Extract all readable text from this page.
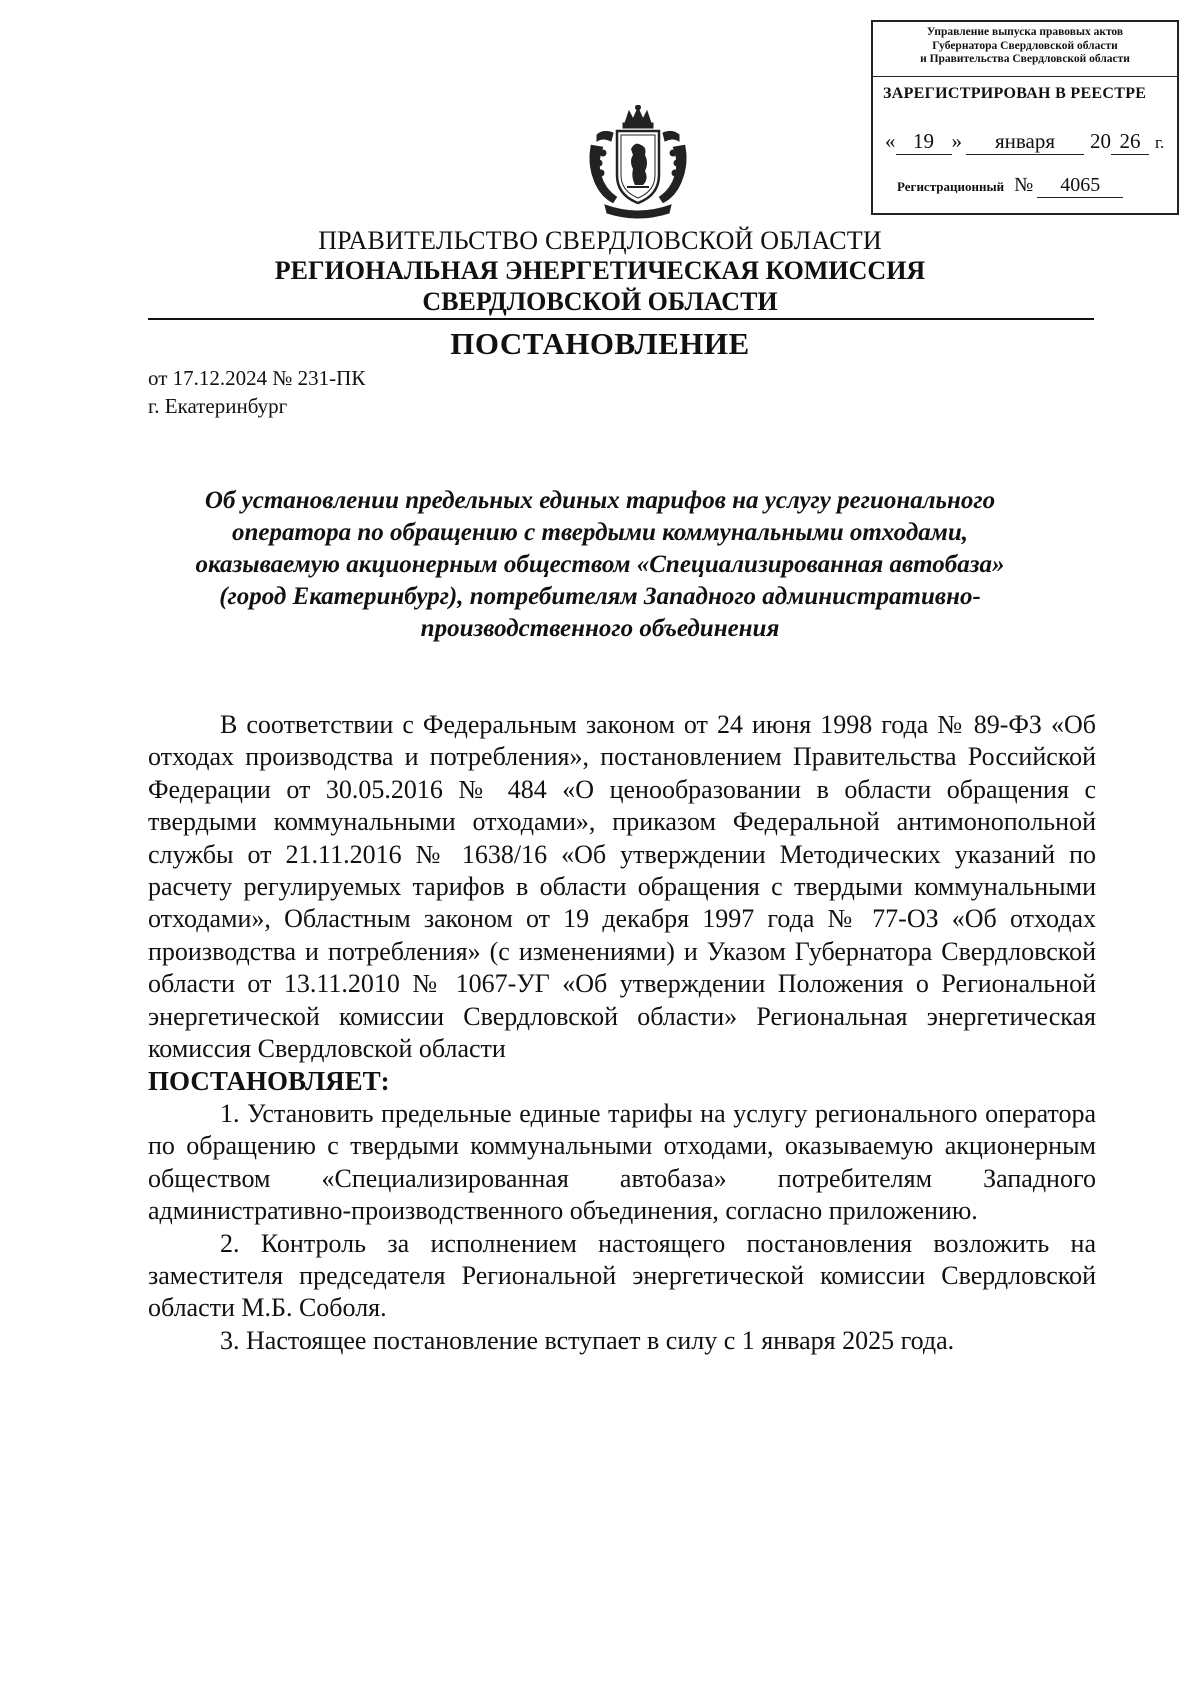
Управление выпуска правовых актов
Губернатора Свердловской области
и Правительства Свердловской области
ЗАРЕГИСТРИРОВАН В РЕЕСТРЕ
« 19 » января 20 26 г.
Регистрационный № 4065
ПРАВИТЕЛЬСТВО СВЕРДЛОВСКОЙ ОБЛАСТИ
РЕГИОНАЛЬНАЯ ЭНЕРГЕТИЧЕСКАЯ КОМИССИЯ
СВЕРДЛОВСКОЙ ОБЛАСТИ
ПОСТАНОВЛЕНИЕ
от 17.12.2024 № 231-ПК
г. Екатеринбург
Об установлении предельных единых тарифов на услугу регионального
оператора по обращению с твердыми коммунальными отходами,
оказываемую акционерным обществом «Специализированная автобаза»
(город Екатеринбург), потребителям Западного административно-
производственного объединения

В соответствии с Федеральным законом от 24 июня 1998 года № 89-ФЗ «Об отходах производства и потребления», постановлением Правительства Российской Федерации от 30.05.2016 № 484 «О ценообразовании в области обращения с твердыми коммунальными отходами», приказом Федеральной антимонопольной службы от 21.11.2016 № 1638/16 «Об утверждении Методических указаний по расчету регулируемых тарифов в области обращения с твердыми коммунальными отходами», Областным законом от 19 декабря 1997 года № 77-ОЗ «Об отходах производства и потребления» (с изменениями) и Указом Губернатора Свердловской области от 13.11.2010 № 1067-УГ «Об утверждении Положения о Региональной энергетической комиссии Свердловской области» Региональная энергетическая комиссия Свердловской области

ПОСТАНОВЛЯЕТ:

1. Установить предельные единые тарифы на услугу регионального оператора по обращению с твердыми коммунальными отходами, оказываемую акционерным обществом «Специализированная автобаза» потребителям Западного административно-производственного объединения, согласно приложению.

2. Контроль за исполнением настоящего постановления возложить на заместителя председателя Региональной энергетической комиссии Свердловской области М.Б. Соболя.

3. Настоящее постановление вступает в силу с 1 января 2025 года.
